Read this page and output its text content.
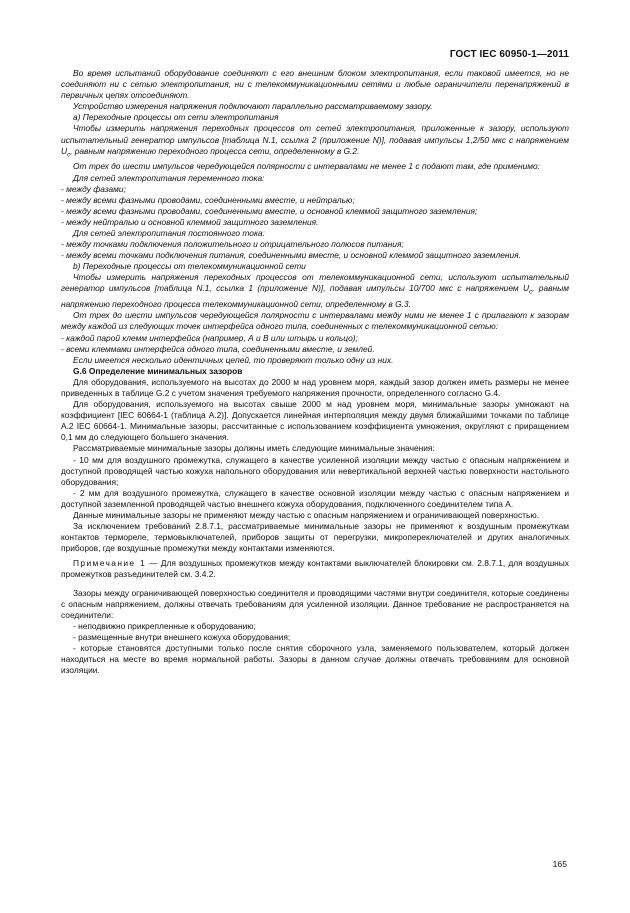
ГОСТ IEC 60950-1—2011

Во время испытаний оборудование соединяют с его внешним блоком электропитания, если таковой имеется, но не соединяют ни с сетью электропитания, ни с телекоммуникационными сетями и любые ограничители перенапряжений в первичных цепях отсоединяют.

Устройство измерения напряжения подключают параллельно рассматриваемому зазору.

a) Переходные процессы от сети электропитания

Чтобы измерить напряжения переходных процессов от сетей электропитания, приложенные к зазору, используют испытательный генератор импульсов [таблица N.1, ссылка 2 (приложение N)], подавая импульсы 1,2/50 мкс с напряжением $U_c$, равным напряжению переходного процесса сети, определенному в G.2.

От трех до шести импульсов чередующейся полярности с интервалами не менее 1 с подают там, где применимо:

Для сетей электропитания переменного тока:

- между фазами;

- между всеми фазными проводами, соединенными вместе, и нейтралью;

- между всеми фазными проводами, соединенными вместе, и основной клеммой защитного заземления;

- между нейтралью и основной клеммой защитного заземления.

Для сетей электропитания постоянного тока:

- между точками подключения положительного и отрицательного полюсов питания;

- между всеми точками подключения питания, соединенными вместе, и основной клеммой защитного заземления.

b) Переходные процессы от телекоммуникационной сети

Чтобы измерить напряжения переходных процессов от телекоммуникационной сети, используют испытательный генератор импульсов [таблица N.1, ссылка 1 (приложение N)], подавая импульсы 10/700 мкс с напряжением $U_c$, равным напряжению переходного процесса телекоммуникационной сети, определенному в G.3.

От трех до шести импульсов чередующейся полярности с интервалами между ними не менее 1 с прилагают к зазорам между каждой из следующих точек интерфейса одного типа, соединенных с телекоммуникационной сетью:

- каждой парой клемм интерфейса (например, А и В или штырь и кольцо);

- всеми клеммами интерфейса одного типа, соединенными вместе, и землей.

Если имеется несколько идентичных цепей, то проверяют только одну из них.

G.6 Определение минимальных зазоров

Для оборудования, используемого на высотах до 2000 м над уровнем моря, каждый зазор должен иметь размеры не менее приведенных в таблице G.2 с учетом значения требуемого напряжения прочности, определенного согласно G.4.

Для оборудования, используемого на высотах свыше 2000 м над уровнем моря, минимальные зазоры умножают на коэффициент [IEC 60664-1 (таблица А.2)]. Допускается линейная интерполяция между двумя ближайшими точками по таблице А.2 IEC 60664-1. Минимальные зазоры, рассчитанные с использованием коэффициента умножения, округляют с приращением 0,1 мм до следующего большего значения.

Рассматриваемые минимальные зазоры должны иметь следующие минимальные значения:

- 10 мм для воздушного промежутка, служащего в качестве усиленной изоляции между частью с опасным напряжением и доступной проводящей частью кожуха напольного оборудования или невертикальной верхней частью поверхности настольного оборудования;

- 2 мм для воздушного промежутка, служащего в качестве основной изоляции между частью с опасным напряжением и доступной заземленной проводящей частью внешнего кожуха оборудования, подключенного соединителем типа А.

Данные минимальные зазоры не применяют между частью с опасным напряжением и ограничивающей поверхностью.

За исключением требований 2.8.7.1, рассматриваемые минимальные зазоры не применяют к воздушным промежуткам контактов термореле, термовыключателей, приборов защиты от перегрузки, микропереключателей и других аналогичных приборов, где воздушные промежутки между контактами изменяются.

Примечание 1 — Для воздушных промежутков между контактами выключателей блокировки см. 2.8.7.1, для воздушных промежутков разъединителей см. 3.4.2.

Зазоры между ограничивающей поверхностью соединителя и проводящими частями внутри соединителя, которые соединены с опасным напряжением, должны отвечать требованиям для усиленной изоляции. Данное требование не распространяется на соединители:

- неподвижно прикрепленные к оборудованию;

- размещенные внутри внешнего кожуха оборудования;

- которые становятся доступными только после снятия сборочного узла, заменяемого пользователем, который должен находиться на месте во время нормальной работы. Зазоры в данном случае должны отвечать требованиям для основной изоляции.

165
